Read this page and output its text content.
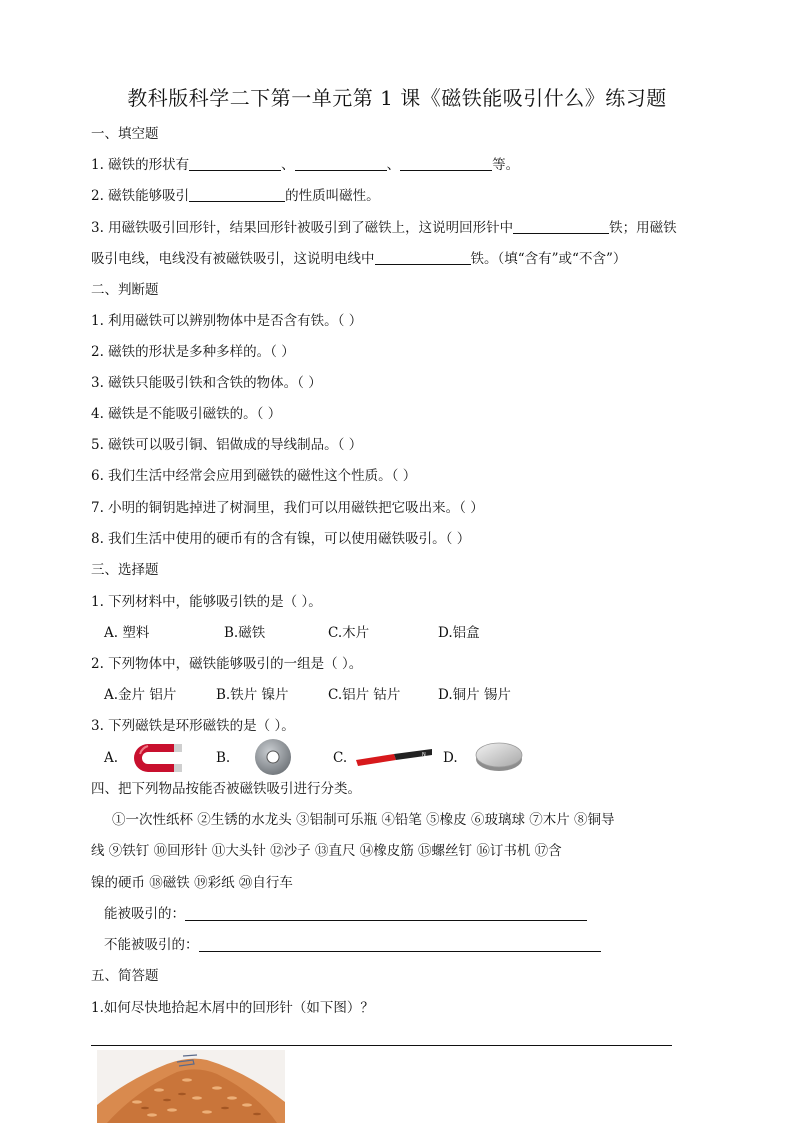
教科版科学二下第一单元第 1 课《磁铁能吸引什么》练习题
一、填空题
1. 磁铁的形状有	、	、	等。
2. 磁铁能够吸引	的性质叫磁性。
3. 用磁铁吸引回形针，结果回形针被吸引到了磁铁上，这说明回形针中	铁；用磁铁
吸引电线，电线没有被磁铁吸引，这说明电线中	铁。（填“含有”或“不含”）
二、判断题
1. 利用磁铁可以辨别物体中是否含有铁。（ ）
2. 磁铁的形状是多种多样的。（ ）
3. 磁铁只能吸引铁和含铁的物体。（ ）
4. 磁铁是不能吸引磁铁的。（ ）
5. 磁铁可以吸引铜、铝做成的导线制品。（ ）
6. 我们生活中经常会应用到磁铁的磁性这个性质。（ ）
7. 小明的铜钥匙掉进了树洞里，我们可以用磁铁把它吸出来。（ ）
8. 我们生活中使用的硬币有的含有镍，可以使用磁铁吸引。（ ）
三、选择题
1. 下列材料中，能够吸引铁的是（ ）。
A. 塑料	B.磁铁	C.木片	D.铝盒
2. 下列物体中，磁铁能够吸引的一组是（ ）。
A.金片 铝片	B.铁片 镍片	C.铝片 钴片	D.铜片 锡片
3. 下列磁铁是环形磁铁的是（ ）。
A.	B.	C.	N D.
四、把下列物品按能否被磁铁吸引进行分类。
①一次性纸杯 ②生锈的水龙头 ③铝制可乐瓶 ④铅笔 ⑤橡皮 ⑥玻璃球 ⑦木片 ⑧铜导
线 ⑨铁钉 ⑩回形针 ⑪大头针 ⑫沙子 ⑬直尺 ⑭橡皮筋 ⑮螺丝钉 ⑯订书机 ⑰含
镍的硬币 ⑱磁铁 ⑲彩纸 ⑳自行车
能被吸引的：
不能被吸引的：
五、简答题
1.如何尽快地拾起木屑中的回形针（如下图）？
